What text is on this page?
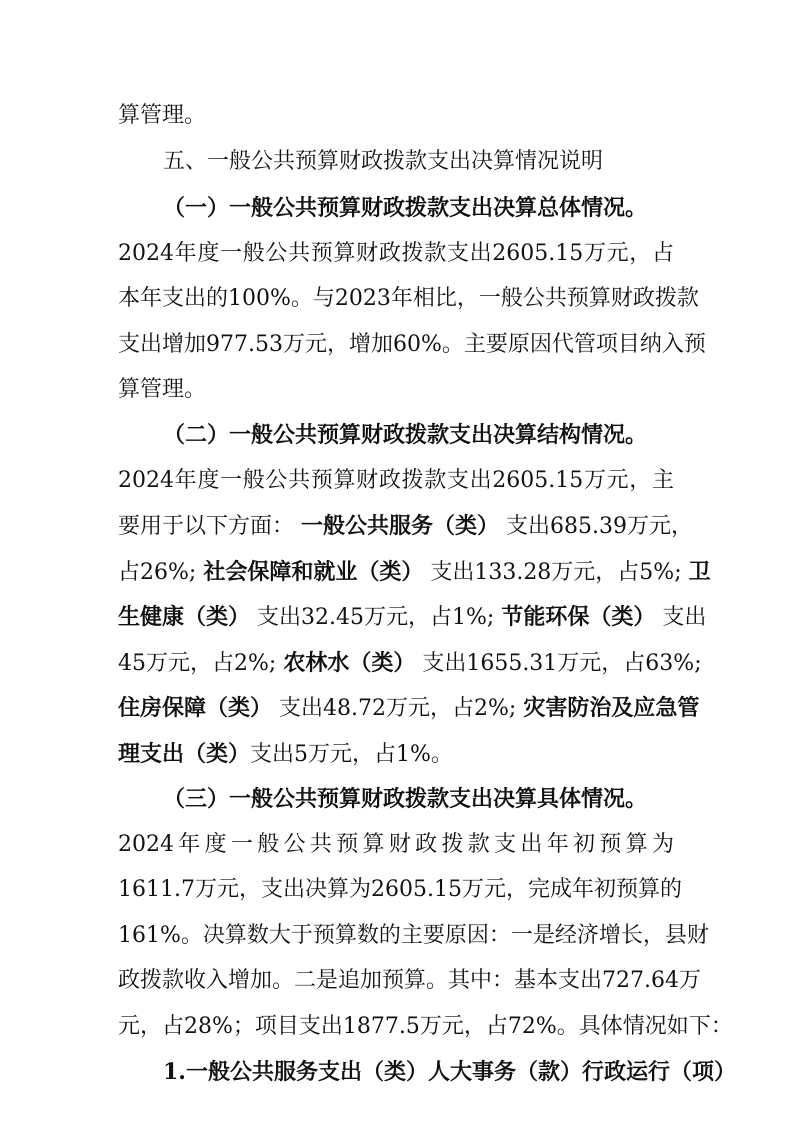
算管理。

五、一般公共预算财政拨款支出决算情况说明

（一）一般公共预算财政拨款支出决算总体情况。

2024年度一般公共预算财政拨款支出2605.15万元，占

本年支出的100%。与2023年相比，一般公共预算财政拨款

支出增加977.53万元，增加60%。主要原因代管项目纳入预

算管理。

（二）一般公共预算财政拨款支出决算结构情况。

2024年度一般公共预算财政拨款支出2605.15万元，主

要用于以下方面： 一般公共服务（类） 支出685.39万元，

占26%; 社会保障和就业（类） 支出133.28万元，占5%; 卫

生健康（类） 支出32.45万元，占1%; 节能环保（类） 支出

45万元，占2%; 农林水（类） 支出1655.31万元，占63%;

住房保障（类） 支出48.72万元，占2%; 灾害防治及应急管

理支出（类）支出5万元，占1%。

（三）一般公共预算财政拨款支出决算具体情况。

2024年度一般公共预算财政拨款支出年初预算为

1611.7万元，支出决算为2605.15万元，完成年初预算的

161%。决算数大于预算数的主要原因：一是经济增长，县财

政拨款收入增加。二是追加预算。其中：基本支出727.64万

元，占28%；项目支出1877.5万元，占72%。具体情况如下：

1.一般公共服务支出（类）人大事务（款）行政运行（项）
